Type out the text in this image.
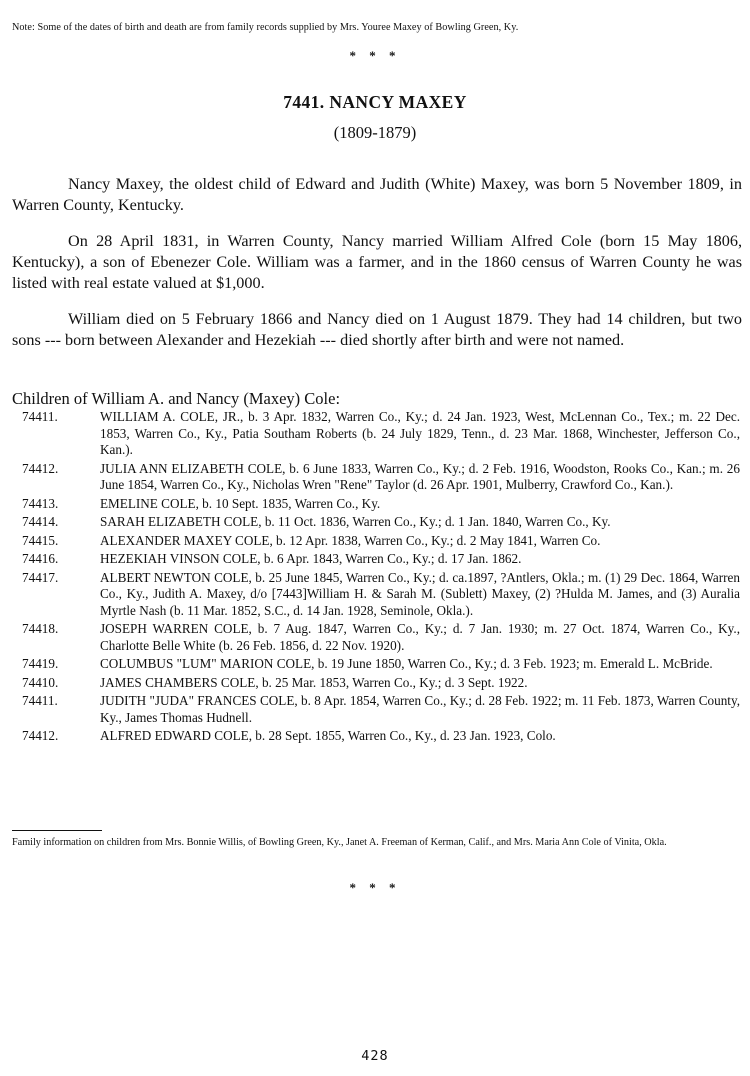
Note: Some of the dates of birth and death are from family records supplied by Mrs. Youree Maxey of Bowling Green, Ky.
* * *
7441. NANCY MAXEY
(1809-1879)

Nancy Maxey, the oldest child of Edward and Judith (White) Maxey, was born 5 November 1809, in Warren County, Kentucky.

On 28 April 1831, in Warren County, Nancy married William Alfred Cole (born 15 May 1806, Kentucky), a son of Ebenezer Cole. William was a farmer, and in the 1860 census of Warren County he was listed with real estate valued at $1,000.

William died on 5 February 1866 and Nancy died on 1 August 1879. They had 14 children, but two sons --- born between Alexander and Hezekiah --- died shortly after birth and were not named.

Children of William A. and Nancy (Maxey) Cole:
74411.	WILLIAM A. COLE, JR., b. 3 Apr. 1832, Warren Co., Ky.; d. 24 Jan. 1923, West, McLennan Co., Tex.; m. 22 Dec. 1853, Warren Co., Ky., Patia Southam Roberts (b. 24 July 1829, Tenn., d. 23 Mar. 1868, Winchester, Jefferson Co., Kan.).
74412.	JULIA ANN ELIZABETH COLE, b. 6 June 1833, Warren Co., Ky.; d. 2 Feb. 1916, Woodston, Rooks Co., Kan.; m. 26 June 1854, Warren Co., Ky., Nicholas Wren "Rene" Taylor (d. 26 Apr. 1901, Mulberry, Crawford Co., Kan.).
74413.	EMELINE COLE, b. 10 Sept. 1835, Warren Co., Ky.
74414.	SARAH ELIZABETH COLE, b. 11 Oct. 1836, Warren Co., Ky.; d. 1 Jan. 1840, Warren Co., Ky.
74415.	ALEXANDER MAXEY COLE, b. 12 Apr. 1838, Warren Co., Ky.; d. 2 May 1841, Warren Co.
74416.	HEZEKIAH VINSON COLE, b. 6 Apr. 1843, Warren Co., Ky.; d. 17 Jan. 1862.
74417.	ALBERT NEWTON COLE, b. 25 June 1845, Warren Co., Ky.; d. ca.1897, ?Antlers, Okla.; m. (1) 29 Dec. 1864, Warren Co., Ky., Judith A. Maxey, d/o [7443]William H. & Sarah M. (Sublett) Maxey, (2) ?Hulda M. James, and (3) Auralia Myrtle Nash (b. 11 Mar. 1852, S.C., d. 14 Jan. 1928, Seminole, Okla.).
74418.	JOSEPH WARREN COLE, b. 7 Aug. 1847, Warren Co., Ky.; d. 7 Jan. 1930; m. 27 Oct. 1874, Warren Co., Ky., Charlotte Belle White (b. 26 Feb. 1856, d. 22 Nov. 1920).
74419.	COLUMBUS "LUM" MARION COLE, b. 19 June 1850, Warren Co., Ky.; d. 3 Feb. 1923; m. Emerald L. McBride.
74410.	JAMES CHAMBERS COLE, b. 25 Mar. 1853, Warren Co., Ky.; d. 3 Sept. 1922.
74411.	JUDITH "JUDA" FRANCES COLE, b. 8 Apr. 1854, Warren Co., Ky.; d. 28 Feb. 1922; m. 11 Feb. 1873, Warren County, Ky., James Thomas Hudnell.
74412.	ALFRED EDWARD COLE, b. 28 Sept. 1855, Warren Co., Ky., d. 23 Jan. 1923, Colo.
Family information on children from Mrs. Bonnie Willis, of Bowling Green, Ky., Janet A. Freeman of Kerman, Calif., and Mrs. Maria Ann Cole of Vinita, Okla.
* * *
428
